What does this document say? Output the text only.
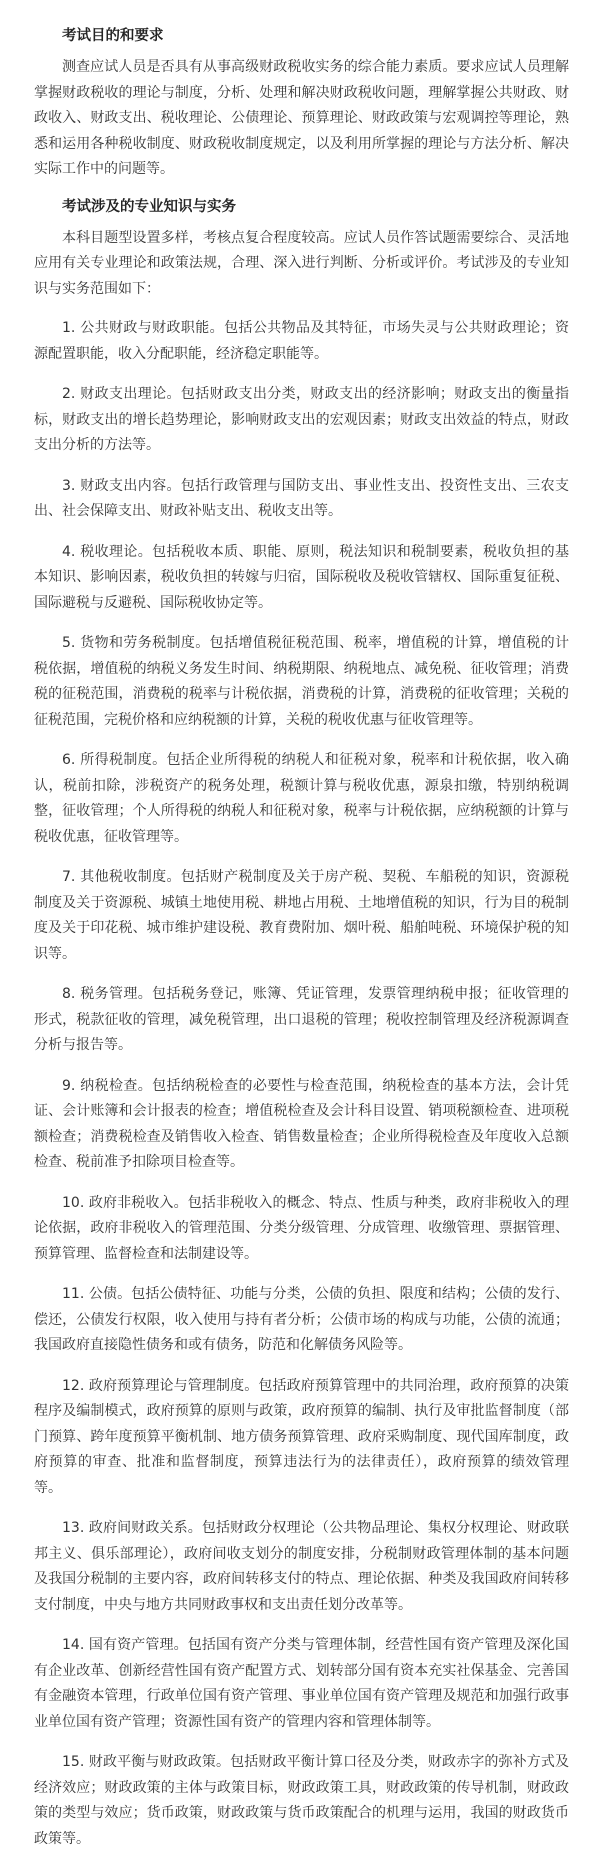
考试目的和要求

测查应试人员是否具有从事高级财政税收实务的综合能力素质。要求应试人员理解掌握财政税收的理论与制度，分析、处理和解决财政税收问题，理解掌握公共财政、财政收入、财政支出、税收理论、公债理论、预算理论、财政政策与宏观调控等理论，熟悉和运用各种税收制度、财政税收制度规定，以及利用所掌握的理论与方法分析、解决实际工作中的问题等。

考试涉及的专业知识与实务

本科目题型设置多样，考核点复合程度较高。应试人员作答试题需要综合、灵活地应用有关专业理论和政策法规，合理、深入进行判断、分析或评价。考试涉及的专业知识与实务范围如下：

1. 公共财政与财政职能。包括公共物品及其特征，市场失灵与公共财政理论；资源配置职能，收入分配职能，经济稳定职能等。

2. 财政支出理论。包括财政支出分类，财政支出的经济影响；财政支出的衡量指标，财政支出的增长趋势理论，影响财政支出的宏观因素；财政支出效益的特点，财政支出分析的方法等。

3. 财政支出内容。包括行政管理与国防支出、事业性支出、投资性支出、三农支出、社会保障支出、财政补贴支出、税收支出等。

4. 税收理论。包括税收本质、职能、原则，税法知识和税制要素，税收负担的基本知识、影响因素，税收负担的转嫁与归宿，国际税收及税收管辖权、国际重复征税、国际避税与反避税、国际税收协定等。

5. 货物和劳务税制度。包括增值税征税范围、税率，增值税的计算，增值税的计税依据，增值税的纳税义务发生时间、纳税期限、纳税地点、减免税、征收管理；消费税的征税范围，消费税的税率与计税依据，消费税的计算，消费税的征收管理；关税的征税范围，完税价格和应纳税额的计算，关税的税收优惠与征收管理等。

6. 所得税制度。包括企业所得税的纳税人和征税对象，税率和计税依据，收入确认，税前扣除，涉税资产的税务处理，税额计算与税收优惠，源泉扣缴，特别纳税调整，征收管理；个人所得税的纳税人和征税对象，税率与计税依据，应纳税额的计算与税收优惠，征收管理等。

7. 其他税收制度。包括财产税制度及关于房产税、契税、车船税的知识，资源税制度及关于资源税、城镇土地使用税、耕地占用税、土地增值税的知识，行为目的税制度及关于印花税、城市维护建设税、教育费附加、烟叶税、船舶吨税、环境保护税的知识等。

8. 税务管理。包括税务登记，账簿、凭证管理，发票管理纳税申报；征收管理的形式，税款征收的管理，减免税管理，出口退税的管理；税收控制管理及经济税源调查分析与报告等。

9. 纳税检查。包括纳税检查的必要性与检查范围，纳税检查的基本方法，会计凭证、会计账簿和会计报表的检查；增值税检查及会计科目设置、销项税额检查、进项税额检查；消费税检查及销售收入检查、销售数量检查；企业所得税检查及年度收入总额检查、税前准予扣除项目检查等。

10. 政府非税收入。包括非税收入的概念、特点、性质与种类，政府非税收入的理论依据，政府非税收入的管理范围、分类分级管理、分成管理、收缴管理、票据管理、预算管理、监督检查和法制建设等。

11. 公债。包括公债特征、功能与分类，公债的负担、限度和结构；公债的发行、偿还，公债发行权限，收入使用与持有者分析；公债市场的构成与功能，公债的流通；我国政府直接隐性债务和或有债务，防范和化解债务风险等。

12. 政府预算理论与管理制度。包括政府预算管理中的共同治理，政府预算的决策程序及编制模式，政府预算的原则与政策，政府预算的编制、执行及审批监督制度（部门预算、跨年度预算平衡机制、地方债务预算管理、政府采购制度、现代国库制度，政府预算的审查、批准和监督制度，预算违法行为的法律责任），政府预算的绩效管理等。

13. 政府间财政关系。包括财政分权理论（公共物品理论、集权分权理论、财政联邦主义、俱乐部理论），政府间收支划分的制度安排，分税制财政管理体制的基本问题及我国分税制的主要内容，政府间转移支付的特点、理论依据、种类及我国政府间转移支付制度，中央与地方共同财政事权和支出责任划分改革等。

14. 国有资产管理。包括国有资产分类与管理体制，经营性国有资产管理及深化国有企业改革、创新经营性国有资产配置方式、划转部分国有资本充实社保基金、完善国有金融资本管理，行政单位国有资产管理、事业单位国有资产管理及规范和加强行政事业单位国有资产管理；资源性国有资产的管理内容和管理体制等。

15. 财政平衡与财政政策。包括财政平衡计算口径及分类，财政赤字的弥补方式及经济效应；财政政策的主体与政策目标，财政政策工具，财政政策的传导机制，财政政策的类型与效应；货币政策，财政政策与货币政策配合的机理与运用，我国的财政货币政策等。
